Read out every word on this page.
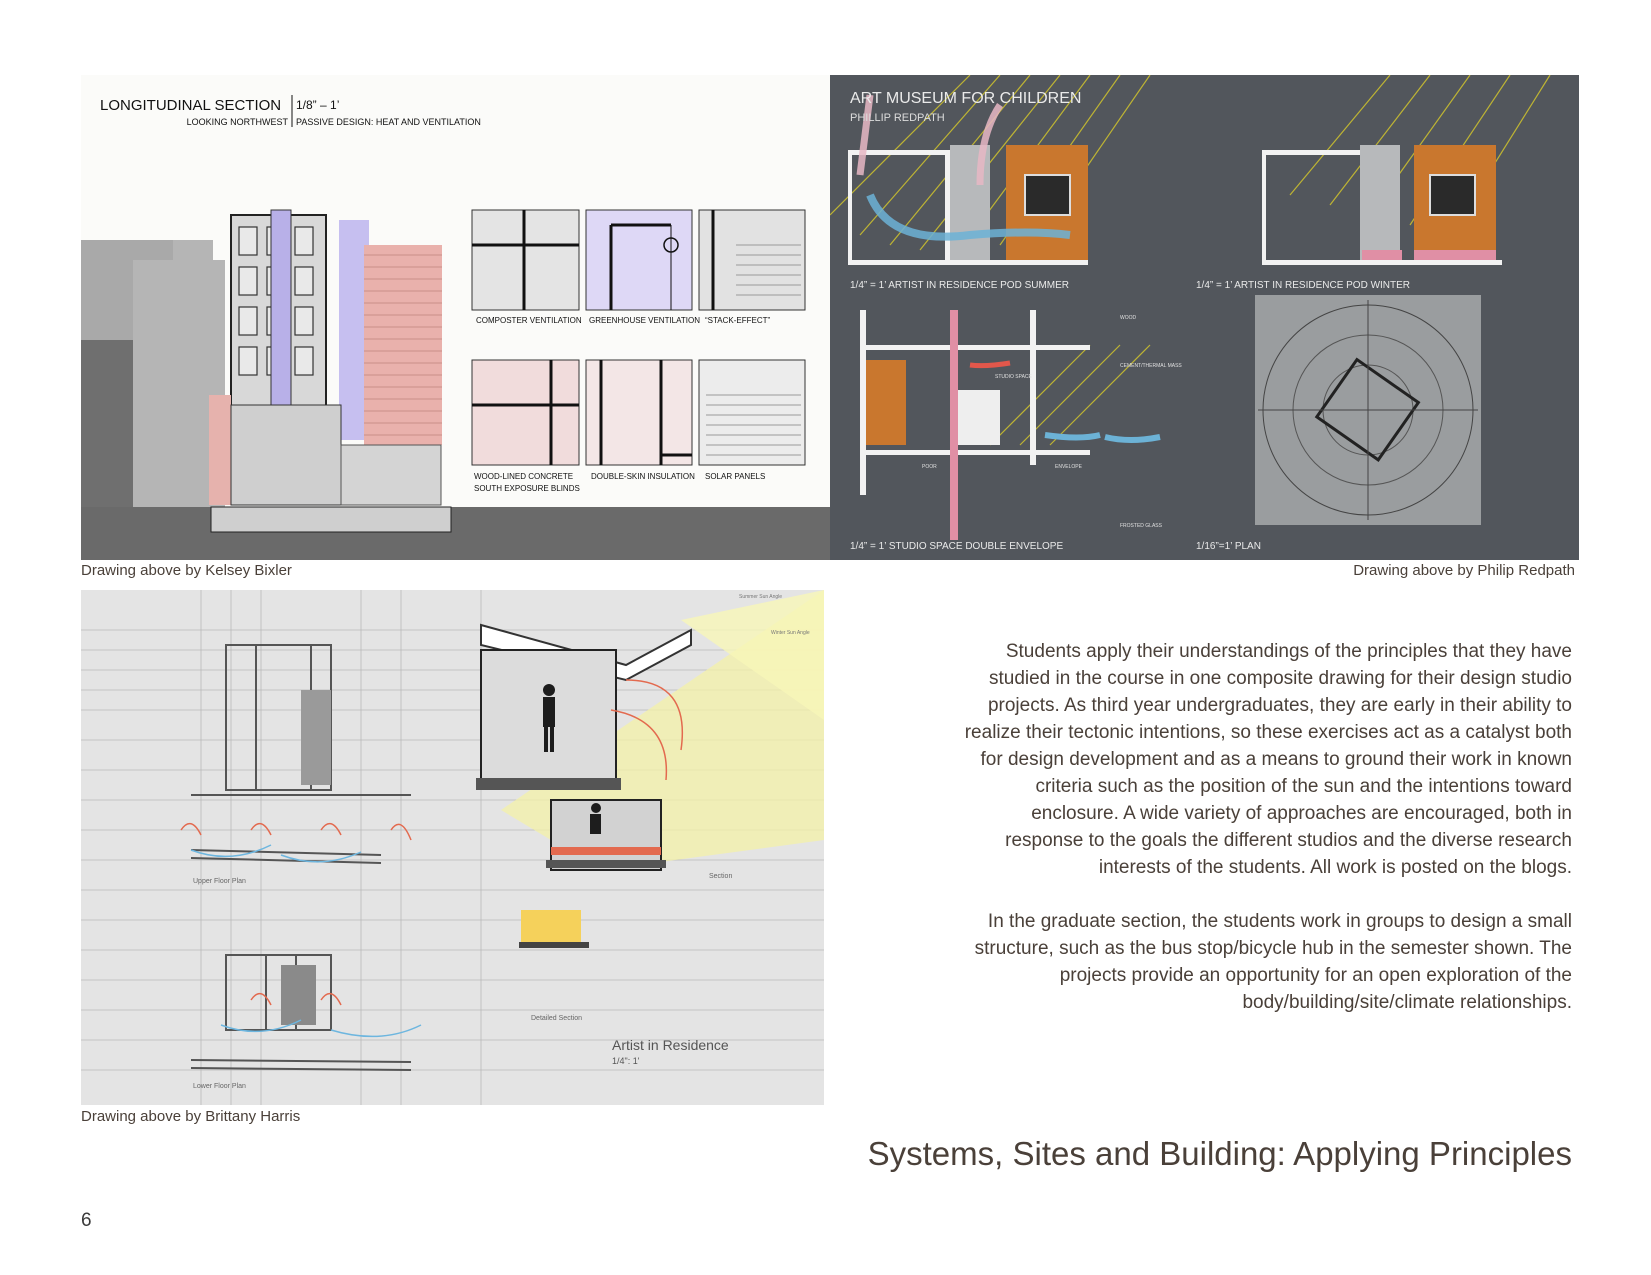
LONGITUDINAL SECTION 1/8” – 1’
LOOKING NORTHWEST PASSIVE DESIGN: HEAT AND VENTILATION
COMPOSTER VENTILATION GREENHOUSE VENTILATION “STACK-EFFECT”
WOOD-LINED CONCRETE
SOUTH EXPOSURE BLINDS
DOUBLE-SKIN INSULATION SOLAR PANELS
ART MUSEUM FOR CHILDREN
PHILLIP REDPATH
1/4” = 1’ ARTIST IN RESIDENCE POD SUMMER	1/4” = 1’ ARTIST IN RESIDENCE POD WINTER
1/4” = 1’ STUDIO SPACE DOUBLE ENVELOPE	1/16”=1’ PLAN
WOOD
CEMENT/THERMAL MASS
STUDIO SPACE
ENVELOPE
FROSTED GLASS
POOR
Drawing above by Kelsey Bixler	Drawing above by Philip Redpath
Artist in Residence
1/4": 1'
Upper Floor Plan
Lower Floor Plan
Section
Detailed Section
Summer Sun Angle
Winter Sun Angle
Drawing above by Brittany Harris

Students apply their understandings of the principles that they have studied in the course in one composite drawing for their design studio projects. As third year undergraduates, they are early in their ability to realize their tectonic intentions, so these exercises act as a catalyst both for design development and as a means to ground their work in known criteria such as the position of the sun and the intentions toward enclosure. A wide variety of approaches are encouraged, both in response to the goals the different studios and the diverse research interests of the students. All work is posted on the blogs.

In the graduate section, the students work in groups to design a small structure, such as the bus stop/bicycle hub in the semester shown. The projects provide an opportunity for an open exploration of the body/building/site/climate relationships.

Systems, Sites and Building: Applying Principles
6
